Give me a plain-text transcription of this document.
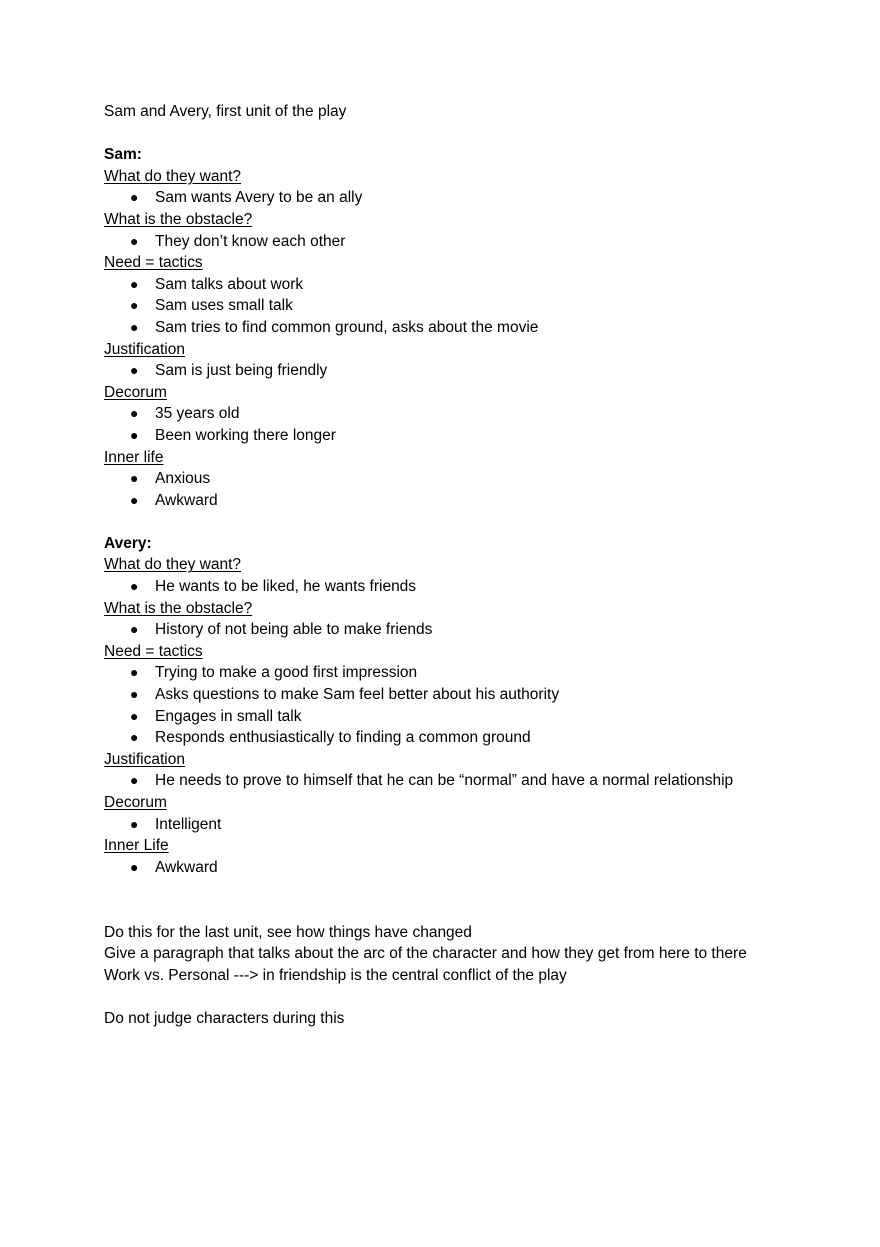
Sam and Avery, first unit of the play

Sam:

What do they want?

● Sam wants Avery to be an ally

What is the obstacle?

● They don’t know each other

Need = tactics

● Sam talks about work
● Sam uses small talk
● Sam tries to find common ground, asks about the movie

Justification

● Sam is just being friendly

Decorum

● 35 years old
● Been working there longer

Inner life

● Anxious
● Awkward

Avery:

What do they want?

● He wants to be liked, he wants friends

What is the obstacle?

● History of not being able to make friends

Need = tactics

● Trying to make a good first impression
● Asks questions to make Sam feel better about his authority
● Engages in small talk
● Responds enthusiastically to finding a common ground

Justification

● He needs to prove to himself that he can be “normal” and have a normal relationship

Decorum

● Intelligent

Inner Life

● Awkward

Do this for the last unit, see how things have changed

Give a paragraph that talks about the arc of the character and how they get from here to there

Work vs. Personal ---> in friendship is the central conflict of the play

Do not judge characters during this
